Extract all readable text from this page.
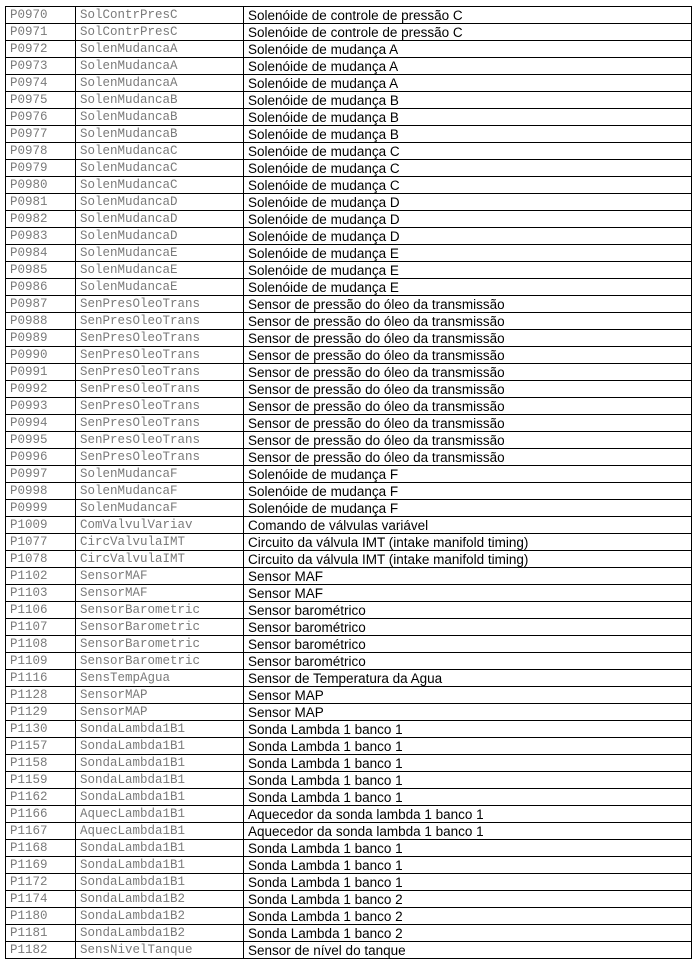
P0970	SolContrPresC	Solenóide de controle de pressão C
P0971	SolContrPresC	Solenóide de controle de pressão C
P0972	SolenMudancaA	Solenóide de mudança A
P0973	SolenMudancaA	Solenóide de mudança A
P0974	SolenMudancaA	Solenóide de mudança A
P0975	SolenMudancaB	Solenóide de mudança B
P0976	SolenMudancaB	Solenóide de mudança B
P0977	SolenMudancaB	Solenóide de mudança B
P0978	SolenMudancaC	Solenóide de mudança C
P0979	SolenMudancaC	Solenóide de mudança C
P0980	SolenMudancaC	Solenóide de mudança C
P0981	SolenMudancaD	Solenóide de mudança D
P0982	SolenMudancaD	Solenóide de mudança D
P0983	SolenMudancaD	Solenóide de mudança D
P0984	SolenMudancaE	Solenóide de mudança E
P0985	SolenMudancaE	Solenóide de mudança E
P0986	SolenMudancaE	Solenóide de mudança E
P0987	SenPresOleoTrans	Sensor de pressão do óleo da transmissão
P0988	SenPresOleoTrans	Sensor de pressão do óleo da transmissão
P0989	SenPresOleoTrans	Sensor de pressão do óleo da transmissão
P0990	SenPresOleoTrans	Sensor de pressão do óleo da transmissão
P0991	SenPresOleoTrans	Sensor de pressão do óleo da transmissão
P0992	SenPresOleoTrans	Sensor de pressão do óleo da transmissão
P0993	SenPresOleoTrans	Sensor de pressão do óleo da transmissão
P0994	SenPresOleoTrans	Sensor de pressão do óleo da transmissão
P0995	SenPresOleoTrans	Sensor de pressão do óleo da transmissão
P0996	SenPresOleoTrans	Sensor de pressão do óleo da transmissão
P0997	SolenMudancaF	Solenóide de mudança F
P0998	SolenMudancaF	Solenóide de mudança F
P0999	SolenMudancaF	Solenóide de mudança F
P1009	ComValvulVariav	Comando de válvulas variável
P1077	CircValvulaIMT	Circuito da válvula IMT (intake manifold timing)
P1078	CircValvulaIMT	Circuito da válvula IMT (intake manifold timing)
P1102	SensorMAF	Sensor MAF
P1103	SensorMAF	Sensor MAF
P1106	SensorBarometric	Sensor barométrico
P1107	SensorBarometric	Sensor barométrico
P1108	SensorBarometric	Sensor barométrico
P1109	SensorBarometric	Sensor barométrico
P1116	SensTempAgua	Sensor de Temperatura da Agua
P1128	SensorMAP	Sensor MAP
P1129	SensorMAP	Sensor MAP
P1130	SondaLambda1B1	Sonda Lambda 1 banco 1
P1157	SondaLambda1B1	Sonda Lambda 1 banco 1
P1158	SondaLambda1B1	Sonda Lambda 1 banco 1
P1159	SondaLambda1B1	Sonda Lambda 1 banco 1
P1162	SondaLambda1B1	Sonda Lambda 1 banco 1
P1166	AquecLambda1B1	Aquecedor da sonda lambda 1 banco 1
P1167	AquecLambda1B1	Aquecedor da sonda lambda 1 banco 1
P1168	SondaLambda1B1	Sonda Lambda 1 banco 1
P1169	SondaLambda1B1	Sonda Lambda 1 banco 1
P1172	SondaLambda1B1	Sonda Lambda 1 banco 1
P1174	SondaLambda1B2	Sonda Lambda 1 banco 2
P1180	SondaLambda1B2	Sonda Lambda 1 banco 2
P1181	SondaLambda1B2	Sonda Lambda 1 banco 2
P1182	SensNivelTanque	Sensor de nível do tanque
